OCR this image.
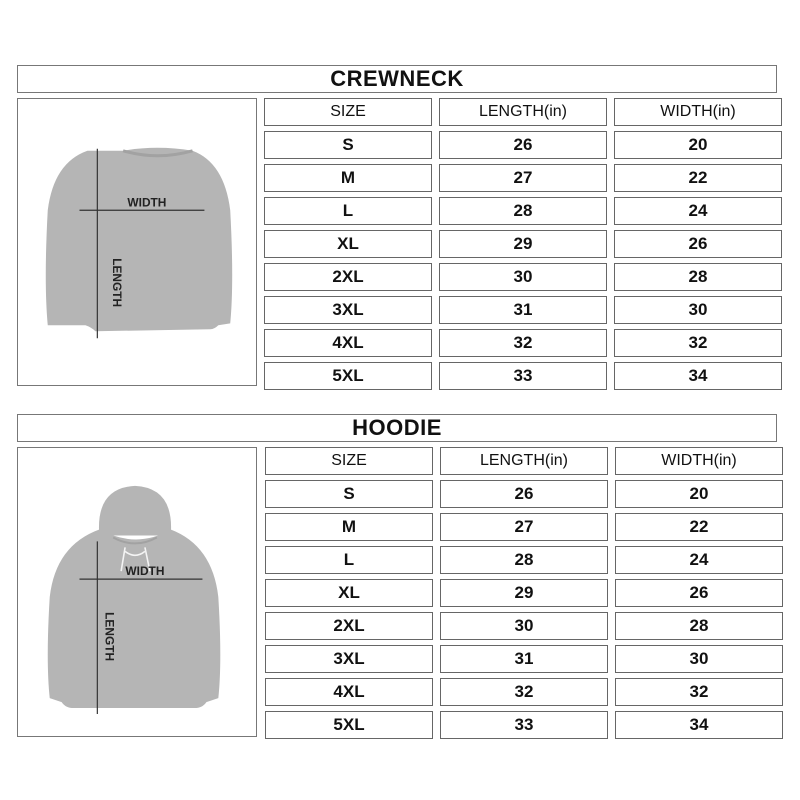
CREWNECK
WIDTH
LENGTH
SIZE	LENGTH(in)	WIDTH(in)
S	26	20
M	27	22
L	28	24
XL	29	26
2XL	30	28
3XL	31	30
4XL	32	32
5XL	33	34
HOODIE
WIDTH
LENGTH
SIZE	LENGTH(in)	WIDTH(in)
S	26	20
M	27	22
L	28	24
XL	29	26
2XL	30	28
3XL	31	30
4XL	32	32
5XL	33	34
